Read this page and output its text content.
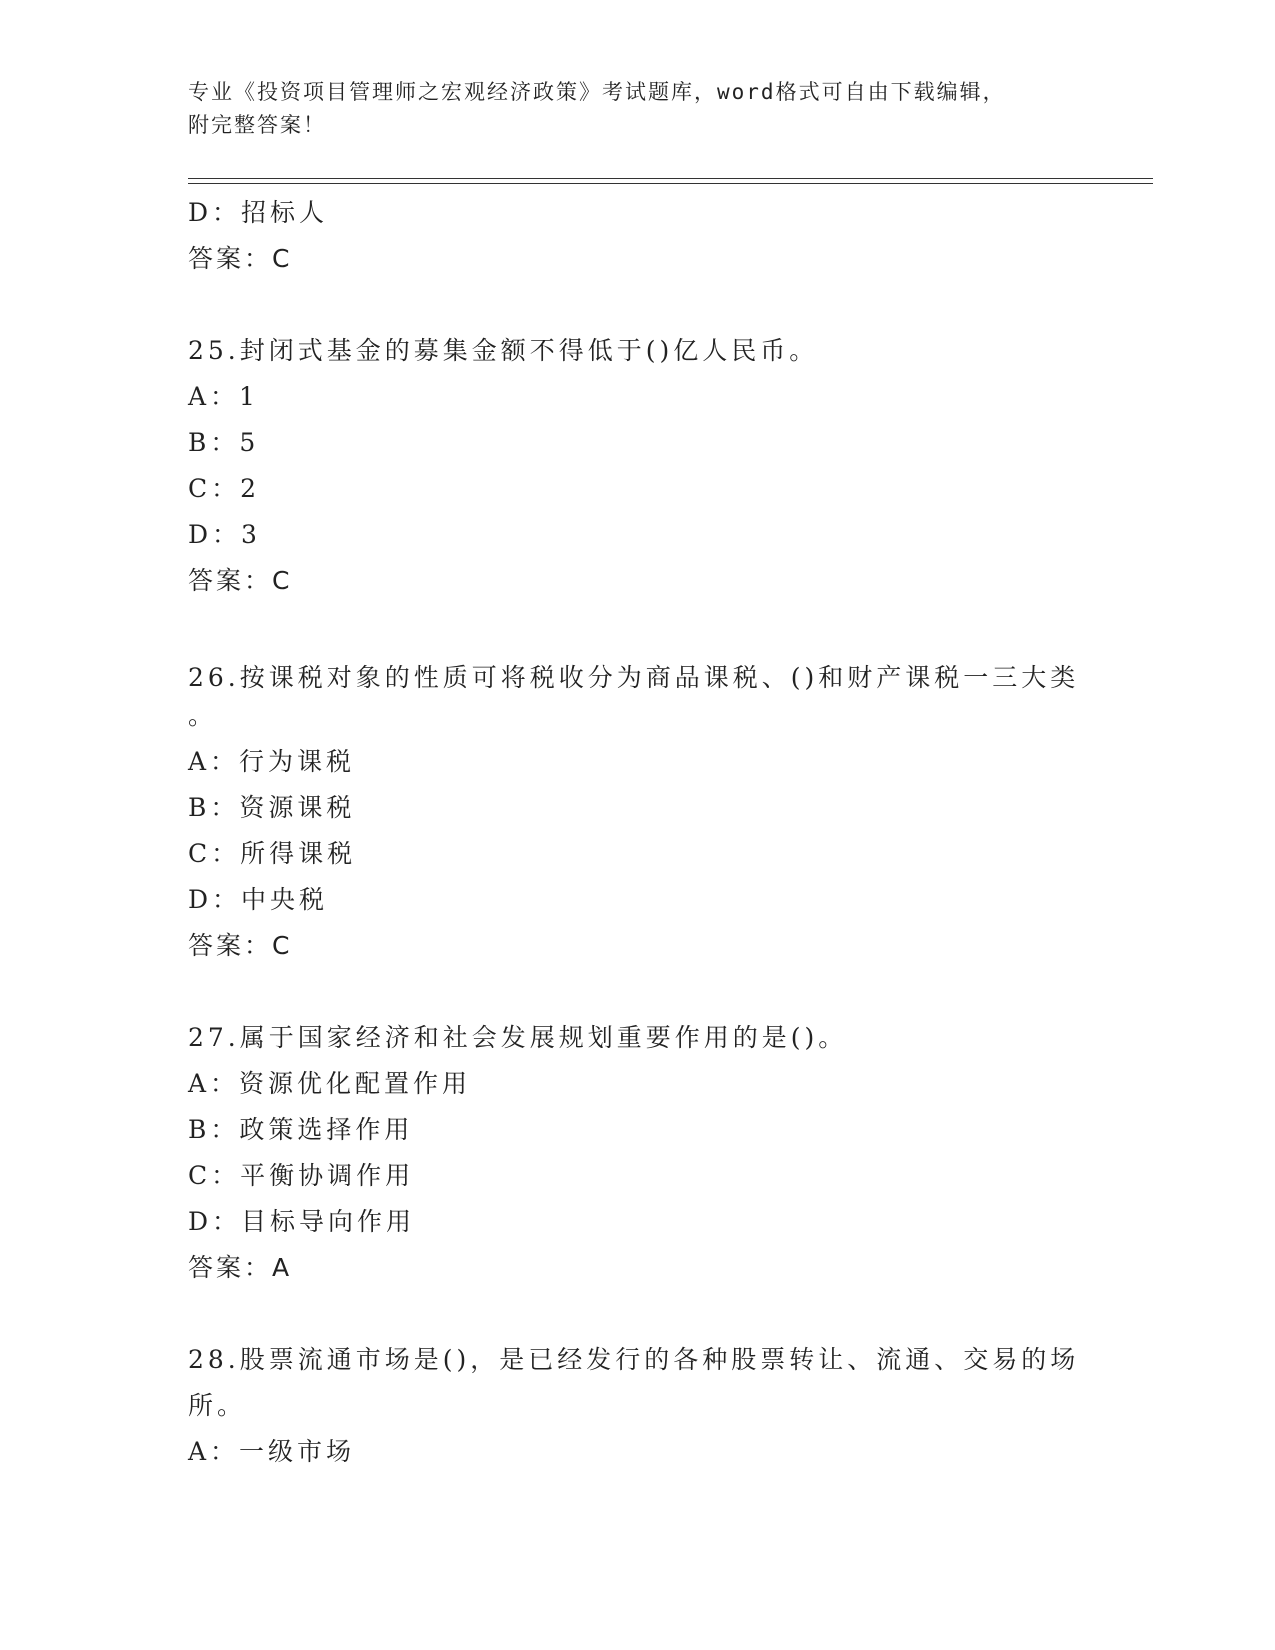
专业《投资项目管理师之宏观经济政策》考试题库，word格式可自由下载编辑，
附完整答案！
D：招标人
答案：C
25.封闭式基金的募集金额不得低于()亿人民币。
A：1
B：5
C：2
D：3
答案：C
26.按课税对象的性质可将税收分为商品课税、()和财产课税一三大类
。
A：行为课税
B：资源课税
C：所得课税
D：中央税
答案：C
27.属于国家经济和社会发展规划重要作用的是()。
A：资源优化配置作用
B：政策选择作用
C：平衡协调作用
D：目标导向作用
答案：A
28.股票流通市场是()，是已经发行的各种股票转让、流通、交易的场
所。
A：一级市场
